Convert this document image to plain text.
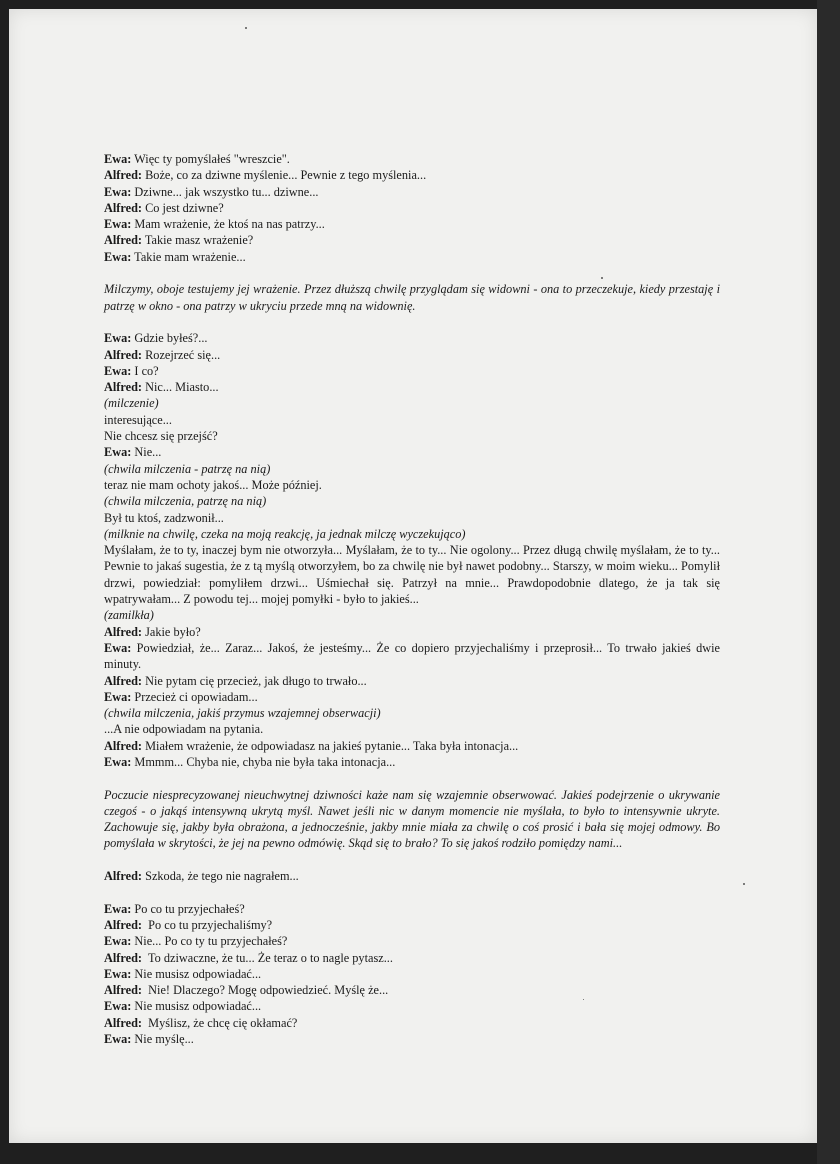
Ewa: Więc ty pomyślałeś "wreszcie".

Alfred: Boże, co za dziwne myślenie... Pewnie z tego myślenia...

Ewa: Dziwne... jak wszystko tu... dziwne...

Alfred: Co jest dziwne?

Ewa: Mam wrażenie, że ktoś na nas patrzy...

Alfred: Takie masz wrażenie?

Ewa: Takie mam wrażenie...

Milczymy, oboje testujemy jej wrażenie. Przez dłuższą chwilę przyglądam się widowni - ona to przeczekuje, kiedy przestaję i patrzę w okno - ona patrzy w ukryciu przede mną na widownię.

Ewa: Gdzie byłeś?...

Alfred: Rozejrzeć się...

Ewa: I co?

Alfred: Nic... Miasto...

(milczenie)

interesujące...

Nie chcesz się przejść?

Ewa: Nie...

(chwila milczenia - patrzę na nią)

teraz nie mam ochoty jakoś... Może później.

(chwila milczenia, patrzę na nią)

Był tu ktoś, zadzwonił...

(milknie na chwilę, czeka na moją reakcję, ja jednak milczę wyczekująco)

Myślałam, że to ty, inaczej bym nie otworzyła... Myślałam, że to ty... Nie ogolony... Przez długą chwilę myślałam, że to ty... Pewnie to jakaś sugestia, że z tą myślą otworzyłem, bo za chwilę nie był nawet podobny... Starszy, w moim wieku... Pomylił drzwi, powiedział: pomyliłem drzwi... Uśmiechał się. Patrzył na mnie... Prawdopodobnie dlatego, że ja tak się wpatrywałam... Z powodu tej... mojej pomyłki - było to jakieś...

(zamilkła)

Alfred: Jakie było?

Ewa: Powiedział, że... Zaraz... Jakoś, że jesteśmy... Że co dopiero przyjechaliśmy i przeprosił... To trwało jakieś dwie minuty.

Alfred: Nie pytam cię przecież, jak długo to trwało...

Ewa: Przecież ci opowiadam...

(chwila milczenia, jakiś przymus wzajemnej obserwacji)

...A nie odpowiadam na pytania.

Alfred: Miałem wrażenie, że odpowiadasz na jakieś pytanie... Taka była intonacja...

Ewa: Mmmm... Chyba nie, chyba nie była taka intonacja...

Poczucie niesprecyzowanej nieuchwytnej dziwności każe nam się wzajemnie obserwować. Jakieś podejrzenie o ukrywanie czegoś - o jakąś intensywną ukrytą myśl. Nawet jeśli nic w danym momencie nie myślała, to było to intensywnie ukryte. Zachowuje się, jakby była obrażona, a jednocześnie, jakby mnie miała za chwilę o coś prosić i bała się mojej odmowy. Bo pomyślała w skrytości, że jej na pewno odmówię. Skąd się to brało? To się jakoś rodziło pomiędzy nami...

Alfred: Szkoda, że tego nie nagrałem...

Ewa: Po co tu przyjechałeś?

Alfred:  Po co tu przyjechaliśmy?

Ewa: Nie... Po co ty tu przyjechałeś?

Alfred:  To dziwaczne, że tu... Że teraz o to nagle pytasz...

Ewa: Nie musisz odpowiadać...

Alfred:  Nie! Dlaczego? Mogę odpowiedzieć. Myślę że...

Ewa: Nie musisz odpowiadać...

Alfred:  Myślisz, że chcę cię okłamać?

Ewa: Nie myślę...
